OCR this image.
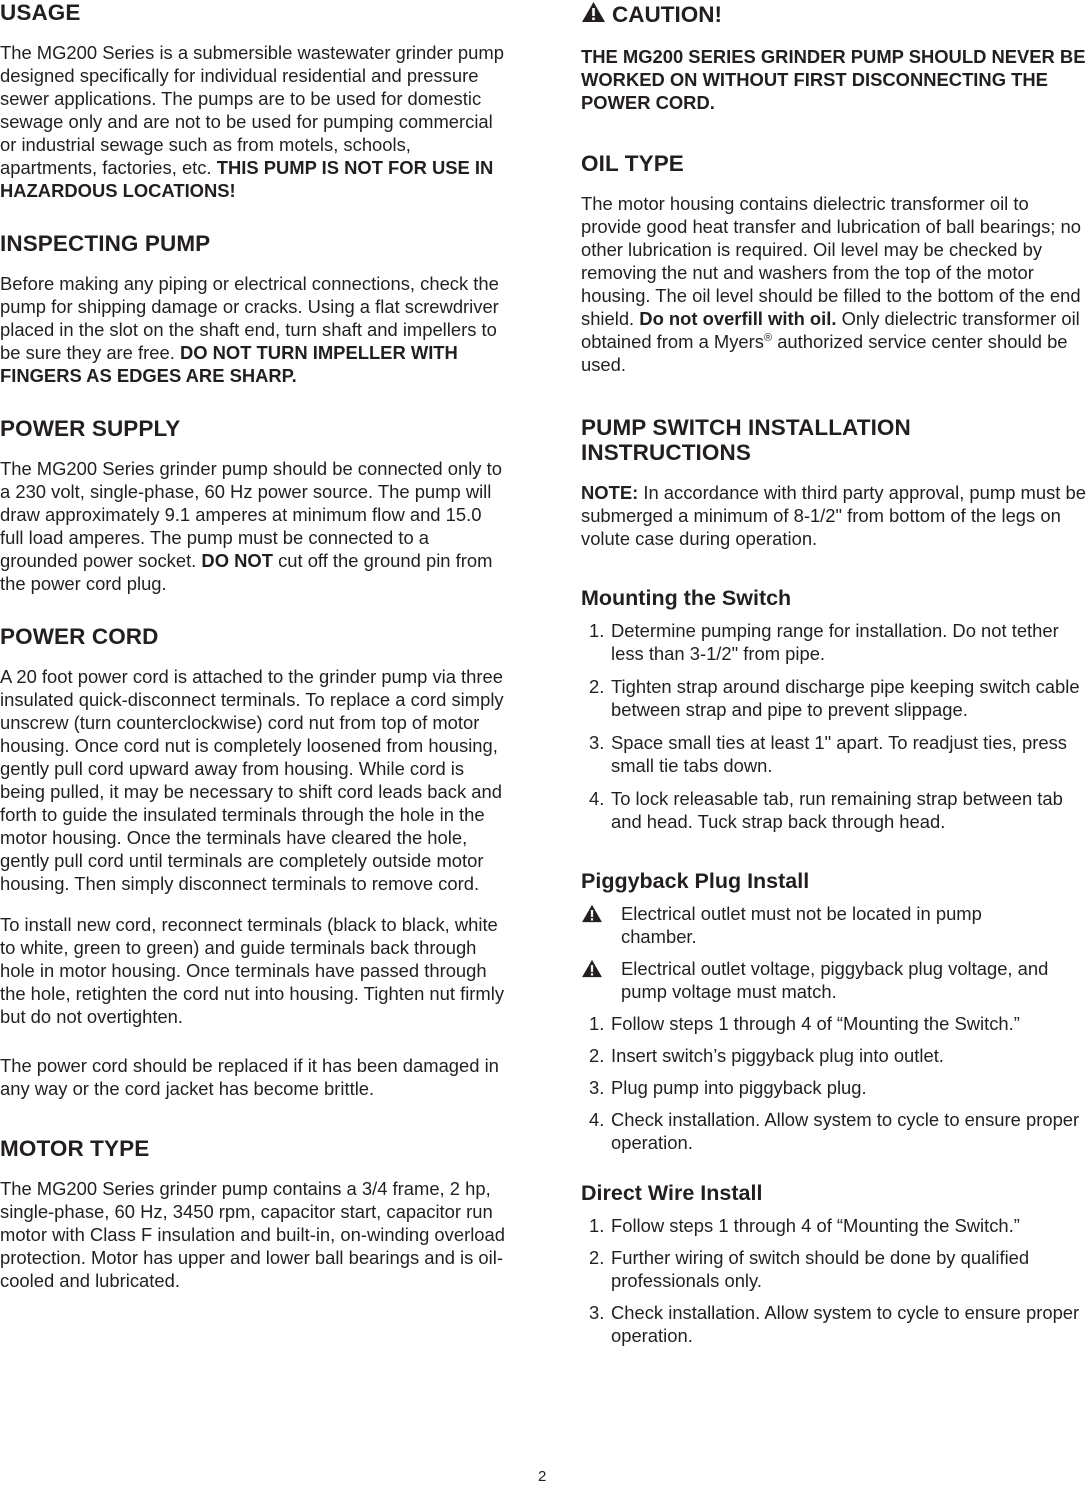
USAGE

The MG200 Series is a submersible wastewater grinder pump designed specifically for individual residential and pressure sewer applications. The pumps are to be used for domestic sewage only and are not to be used for pumping commercial or industrial sewage such as from motels, schools, apartments, factories, etc. THIS PUMP IS NOT FOR USE IN HAZARDOUS LOCATIONS!

INSPECTING PUMP

Before making any piping or electrical connections, check the pump for shipping damage or cracks. Using a flat screwdriver placed in the slot on the shaft end, turn shaft and impellers to be sure they are free. DO NOT TURN IMPELLER WITH FINGERS AS EDGES ARE SHARP.

POWER SUPPLY

The MG200 Series grinder pump should be connected only to a 230 volt, single-phase, 60 Hz power source. The pump will draw approximately 9.1 amperes at minimum flow and 15.0 full load amperes. The pump must be connected to a grounded power socket. DO NOT cut off the ground pin from the power cord plug.

POWER CORD

A 20 foot power cord is attached to the grinder pump via three insulated quick-disconnect terminals. To replace a cord simply unscrew (turn counterclockwise) cord nut from top of motor housing. Once cord nut is completely loosened from housing, gently pull cord upward away from housing. While cord is being pulled, it may be necessary to shift cord leads back and forth to guide the insulated terminals through the hole in the motor housing. Once the terminals have cleared the hole, gently pull cord until terminals are completely outside motor housing. Then simply disconnect terminals to remove cord.

To install new cord, reconnect terminals (black to black, white to white, green to green) and guide terminals back through hole in motor housing. Once terminals have passed through the hole, retighten the cord nut into housing. Tighten nut firmly but do not overtighten.

The power cord should be replaced if it has been damaged in any way or the cord jacket has become brittle.

MOTOR TYPE

The MG200 Series grinder pump contains a 3/4 frame, 2 hp, single-phase, 60 Hz, 3450 rpm, capacitor start, capacitor run motor with Class F insulation and built-in, on-winding overload protection. Motor has upper and lower ball bearings and is oil-cooled and lubricated.

CAUTION!

THE MG200 SERIES GRINDER PUMP SHOULD NEVER BE WORKED ON WITHOUT FIRST DISCONNECTING THE POWER CORD.

OIL TYPE

The motor housing contains dielectric transformer oil to provide good heat transfer and lubrication of ball bearings; no other lubrication is required. Oil level may be checked by removing the nut and washers from the top of the motor housing. The oil level should be filled to the bottom of the end shield. Do not overfill with oil. Only dielectric transformer oil obtained from a Myers® authorized service center should be used.

PUMP SWITCH INSTALLATION INSTRUCTIONS

NOTE: In accordance with third party approval, pump must be submerged a minimum of 8-1/2" from bottom of the legs on volute case during operation.

Mounting the Switch
1. Determine pumping range for installation. Do not tether less than 3-1/2" from pipe.
2. Tighten strap around discharge pipe keeping switch cable between strap and pipe to prevent slippage.
3. Space small ties at least 1" apart. To readjust ties, press small tie tabs down.
4. To lock releasable tab, run remaining strap between tab and head. Tuck strap back through head.
Piggyback Plug Install
Electrical outlet must not be located in pump chamber.
Electrical outlet voltage, piggyback plug voltage, and pump voltage must match.
1. Follow steps 1 through 4 of “Mounting the Switch.”
2. Insert switch’s piggyback plug into outlet.
3. Plug pump into piggyback plug.
4. Check installation. Allow system to cycle to ensure proper operation.
Direct Wire Install
1. Follow steps 1 through 4 of “Mounting the Switch.”
2. Further wiring of switch should be done by qualified professionals only.
3. Check installation. Allow system to cycle to ensure proper operation.
2
